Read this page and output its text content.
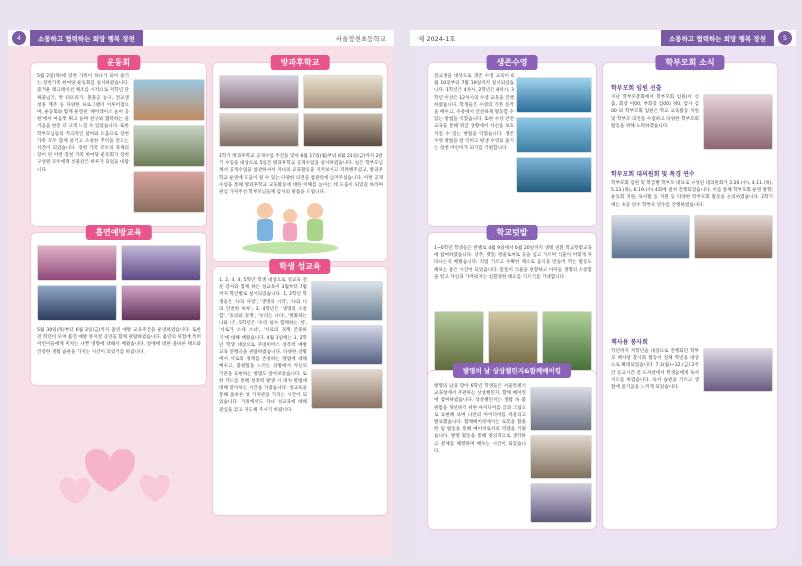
4	소통하고 협력하는 희망 행복 장천	서울장천초등학교	제 2024-1호	소통하고 협력하는 희망 행복 장천	5
운동회
5월 2일(목)에 장천 가족이 하나가 되어 즐기는 장천가족 한마당 운동회를 실시하였습니다. 즐거운 레크레이션 체조를 시작으로 저학년 단체줄넘기, 박 터뜨리기, 볼풀공 농구, 전교생 청홍 계주 등 다양한 프로그램이 이루어졌으며, 운동회와 함께 운영된 '페어레이스 놀이 공원'에서 마음껏 뛰고 놀며 친구와 협력하는 즐거움을 한층 더 크게 느낄 수 있었습니다. 또한 학부모님들의 적극적인 참여와 도움으로 장천 가족 모두 함께 즐기고 소중한 추억을 만드는 시간이 되었습니다. 장천 가족 모두의 축제의 장이 된 이번 장천 가족 한마당 운동회가 장천 구성원 모두에게 선물같은 하루가 되었을 바랍니다.
방과후학교
1학기 방과후학교 공개수업 주간을 맞아 6월 17일(월)부터 6월 21일(금)까지 2분기 수업을 대상으로 5일간 방과후학교 공개수업을 실시하였습니다. 일은 학부모님께서 공개수업을 참관하셔서 자녀의 교육활동을 지켜보시고 격려해주셨고, 방과후학교 운영에 도움이 될 수 있는 다양한 의견을 참관록에 남겨주셨습니다. 이번 공개수업을 통해 방과후학교 교육활동에 대한 이해를 높이는 데 도움이 되었길 바라며 관심 가져주신 학부모님들께 감사의 말씀을 드립니다.
흡연예방교육
5월 30일(목)부터 6월 2일(금)까지 흡연 예방 교육주간을 운영하였습니다. 또한 전 학년이 모여 흡연 예방 뮤지컬 공연을 함께 관람하였습니다. 흡연의 위험에 특히 어린이들에게 미치는 나쁜 영향에 대해서 배웠습니다. 앞에에 대한 올바른 태도와 건강한 생활 습관을 가지는 시간이 되었기를 바랍니다.
학생 성교육
1, 2, 3, 4, 5학년 학생 대상으로 성교육 전문 강사와 함께 하는 성교육이 3월부터 7월까지 학년별로 실시되었습니다. 1, 2학년 학생들은 '나의 사랑', '생명의 시작', '나와 너의 안전한 하루', 3, 4학년은 '생명의 소중함', '동의와 경계', '우리는 나다', '변화하는 나와 너', 5학년은 '우리 실수 함께하는 성', '서로가 소세 소녀', '서로의 경계 존중하기'에 대해 배웠습니다. 4월 3일에는 1, 2학년 학생 대상으로 꾸네미어스 성폭력 예방 교육 연행극을 관람하였습니다. 다양한 상황에서 서로의 경계를 존중하는 방법에 대해 배우고, 불편함을 느끼는 상황에서 자신의 기분을 표현하는 방법도 알아보았습니다. 또한 카드를 통해 성폭력 발생 시 대처 방법에 대해 알아보는 시간을 가졌습니다. 성교육을 통해 올바른 성 가치관을 가지는 시간이 되었습니다. 가정에서도 자녀 성교육에 대해 관심을 갖고 지도해 주시기 바랍니다.
생존수영
전교생을 대상으로 생존 수영 교육이 6월 10일부터 7월 19일까지 실시되었습니다. 1학년은 4차시, 2학년은 8차시, 3학년 이상은 12차시의 수영 교육을 진행하였습니다. 학생들은 수영의 기본 동작을 배우고, 수중에서 안전하게 활동할 수 있는 방법을 익혔습니다. 또한 수상 안전교육을 통해 위급 상황에서 자신을 보호 지킬 수 있는 방법을 익혔습니다. 생존 수영 방법을 잘 익히고 평생 수영을 즐기는 장천 어린이가 되기를 기원합니다.
학교텃밭
1~6학년 학생들은 반별로 4월 9일에서 6월 20일까지 생태 친환 학교텃밭교육에 참여하였습니다. 상추, 깻잎, 방울토마토 등을 심고 기르며 식물이 어떻게 자라나는지 배웠습니다. 직접 기르고 수확한 채소로 음식을 만들어 먹는 활동도 해보는 좋은 시간이 되었습니다. 틈틈이 식물을 관찰하고 아이들 생명의 소중함을 알고 자연과 가까워지는 친환경한 태도를 기르기를 기대합니다.
발명의 날 상상챌린지&함께메이킹
발명의 날을 맞아 6학년 학생들은 서울특별시교육청에서 주관하는 상상챌린지, 함께 메이킹에 참여하였습니다. 상상챌린지는 생활 속 불편함을 개선하기 위한 아이디어를 글과 그림으로 표현해 보며 나만의 아이디어를 떠올리고 발표했습니다. 함께메이킹에서는 로봇을 활용한 팀 활동을 통해 메이커로서의 역량을 키웠습니다. 발명 활동을 통해 창의적으로 생각하고 문제를 해결하며 배우는 시간이 되었습니다.
학부모회 소식
학부모회 임원 선출
지난 학부모총회에서 학부모회 임원(이 선출, 회장 이00, 부회장 김00) 정0, 감사 김00 외 학부모회 임원은 학교 교육활동 지원 및 학부모 의견을 수렴하고 다양한 학부모회 활동을 위해 노력하겠습니다.
학부모회 대의원회 및 폭경 연수
학부모회 임원 및 학급별 학부모 대표로 구성된 대의원회가 3.20.(수), 4.11.(목), 5.23.(목), 6.19.(수) 4회에 걸쳐 진행되었습니다. 이를 통해 학부모회 운영 방향, 운동회 지원, 독서활 동 지원 등 다양한 학부모회 활동을 논의하였습니다. 2학기에는 초등 연수 학부모 연수를 진행하였습니다.
책사용 봉사회
작년까지 저학년을 대상으로 진행되던 학부모 책사랑 봉사회 활동이 전체 학년을 대상으로 확대되었습니다. 7.1(월)~12.(금) 2주간 등교시간 전 도서관에서 학생들에게 독서 지도를 하였습니다. 독서 습관을 기르고 생활에 즐거움을 느끼게 되었습니다.
